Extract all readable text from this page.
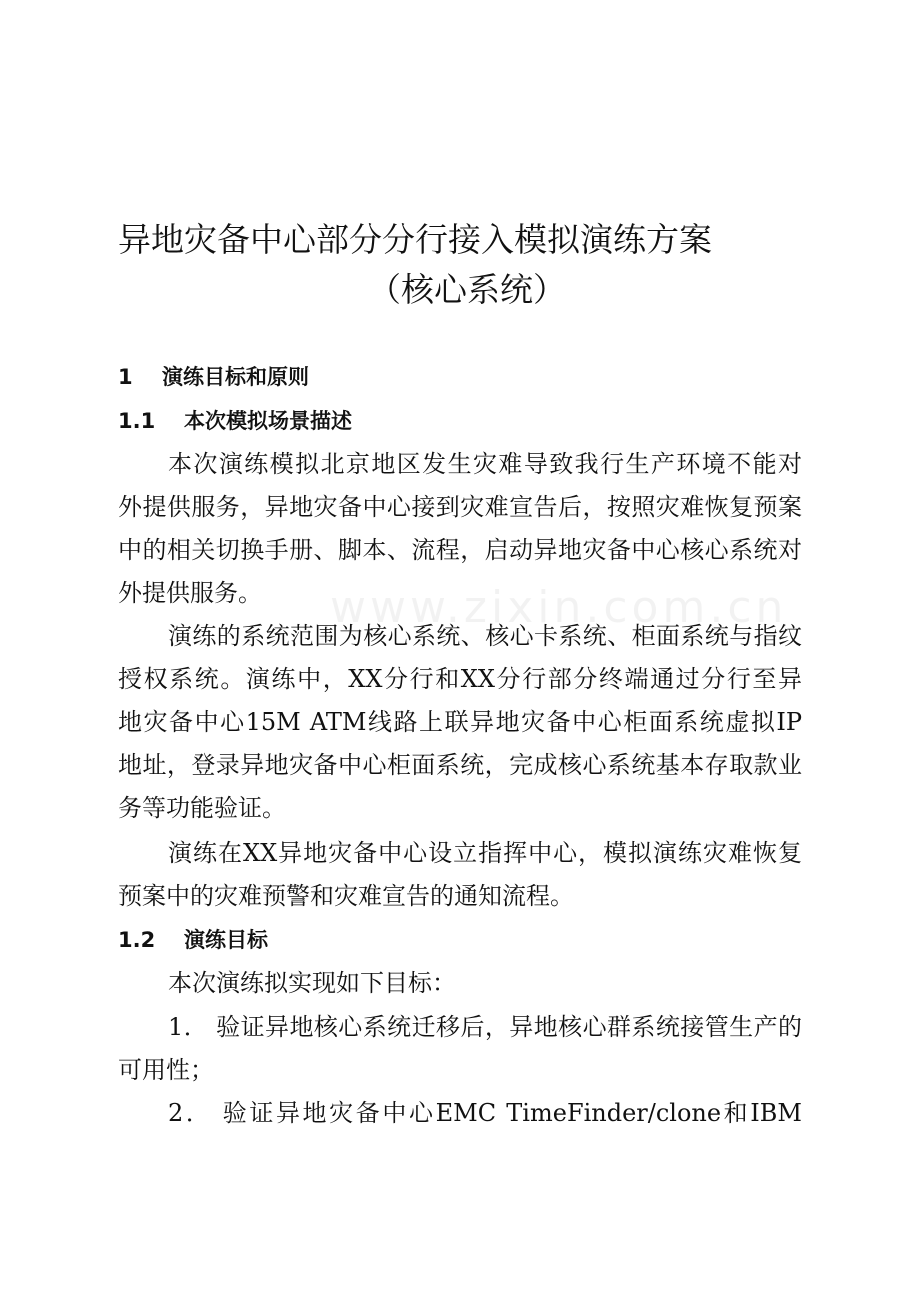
www.zixin.com.cn
异地灾备中心部分分行接入模拟演练方案
（核心系统）
1 演练目标和原则
1.1 本次模拟场景描述
本次演练模拟北京地区发生灾难导致我行生产环境不能对
外提供服务，异地灾备中心接到灾难宣告后，按照灾难恢复预案
中的相关切换手册、脚本、流程，启动异地灾备中心核心系统对
外提供服务。
演练的系统范围为核心系统、核心卡系统、柜面系统与指纹
授权系统。演练中，XX分行和XX分行部分终端通过分行至异
地灾备中心15M ATM线路上联异地灾备中心柜面系统虚拟IP
地址，登录异地灾备中心柜面系统，完成核心系统基本存取款业
务等功能验证。
演练在XX异地灾备中心设立指挥中心，模拟演练灾难恢复
预案中的灾难预警和灾难宣告的通知流程。
1.2 演练目标
本次演练拟实现如下目标：
1． 验证异地核心系统迁移后，异地核心群系统接管生产的
可用性；
2． 验证异地灾备中心EMC TimeFinder/clone和IBM
